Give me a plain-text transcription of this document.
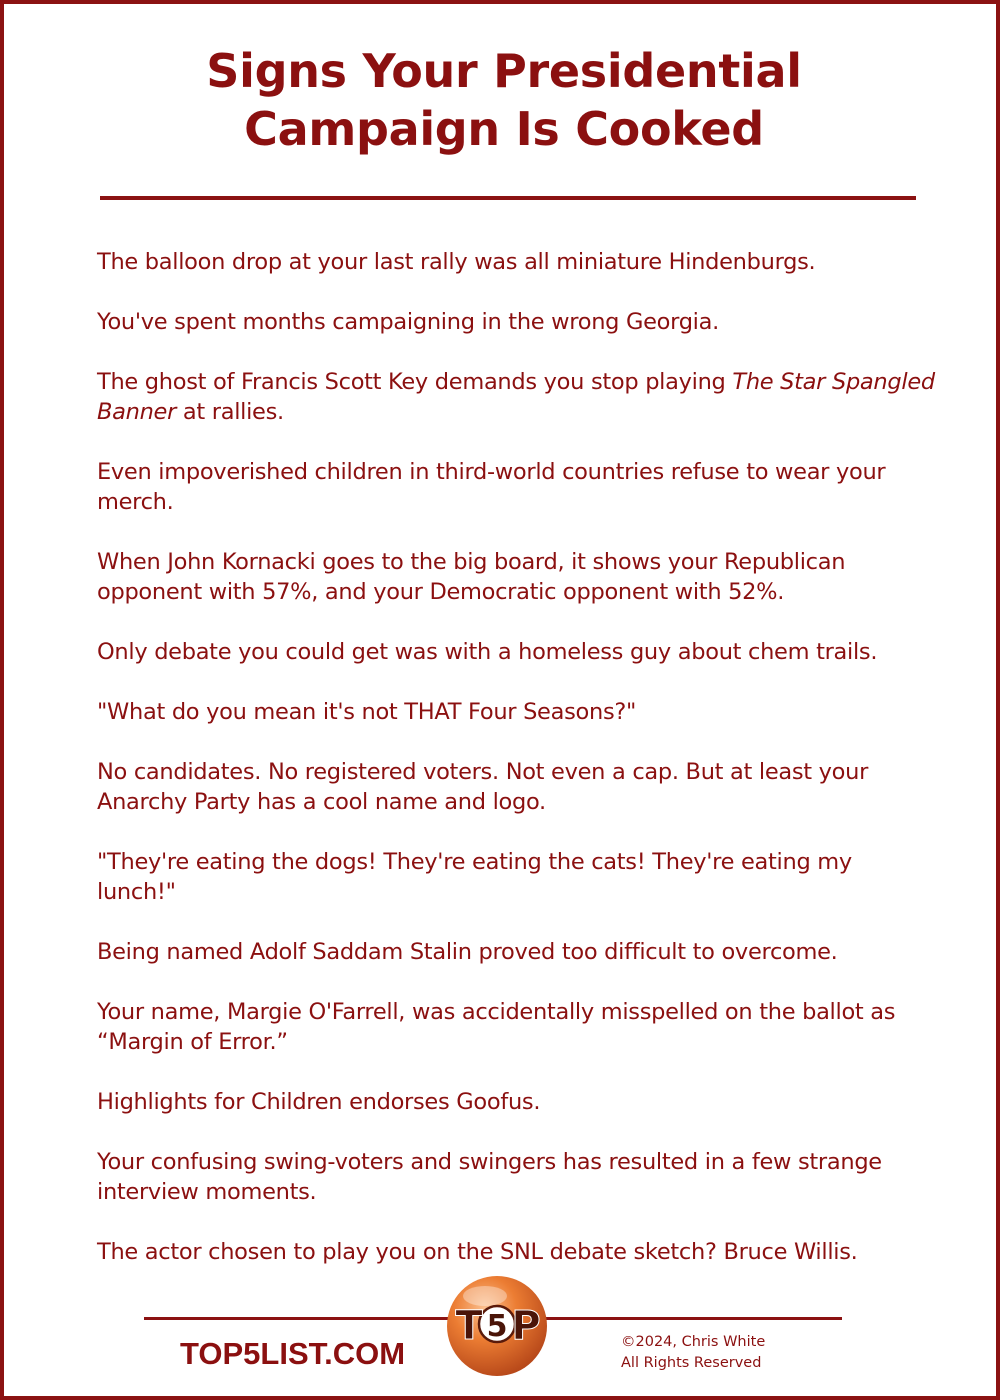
Signs Your Presidential
Campaign Is Cooked
The balloon drop at your last rally was all miniature Hindenburgs.
You've spent months campaigning in the wrong Georgia.
The ghost of Francis Scott Key demands you stop playing The Star Spangled Banner at rallies.
Even impoverished children in third-world countries refuse to wear your merch.
When John Kornacki goes to the big board, it shows your Republican opponent with 57%, and your Democratic opponent with 52%.
Only debate you could get was with a homeless guy about chem trails.
"What do you mean it's not THAT Four Seasons?"
No candidates. No registered voters. Not even a cap. But at least your Anarchy Party has a cool name and logo.
"They're eating the dogs! They're eating the cats! They're eating my lunch!"
Being named Adolf Saddam Stalin proved too difficult to overcome.
Your name, Margie O'Farrell, was accidentally misspelled on the ballot as “Margin of Error.”
Highlights for Children endorses Goofus.
Your confusing swing-voters and swingers has resulted in a few strange interview moments.
The actor chosen to play you on the SNL debate sketch? Bruce Willis.
TOP5LIST.COM
T 5 P	©2024, Chris White
All Rights Reserved
